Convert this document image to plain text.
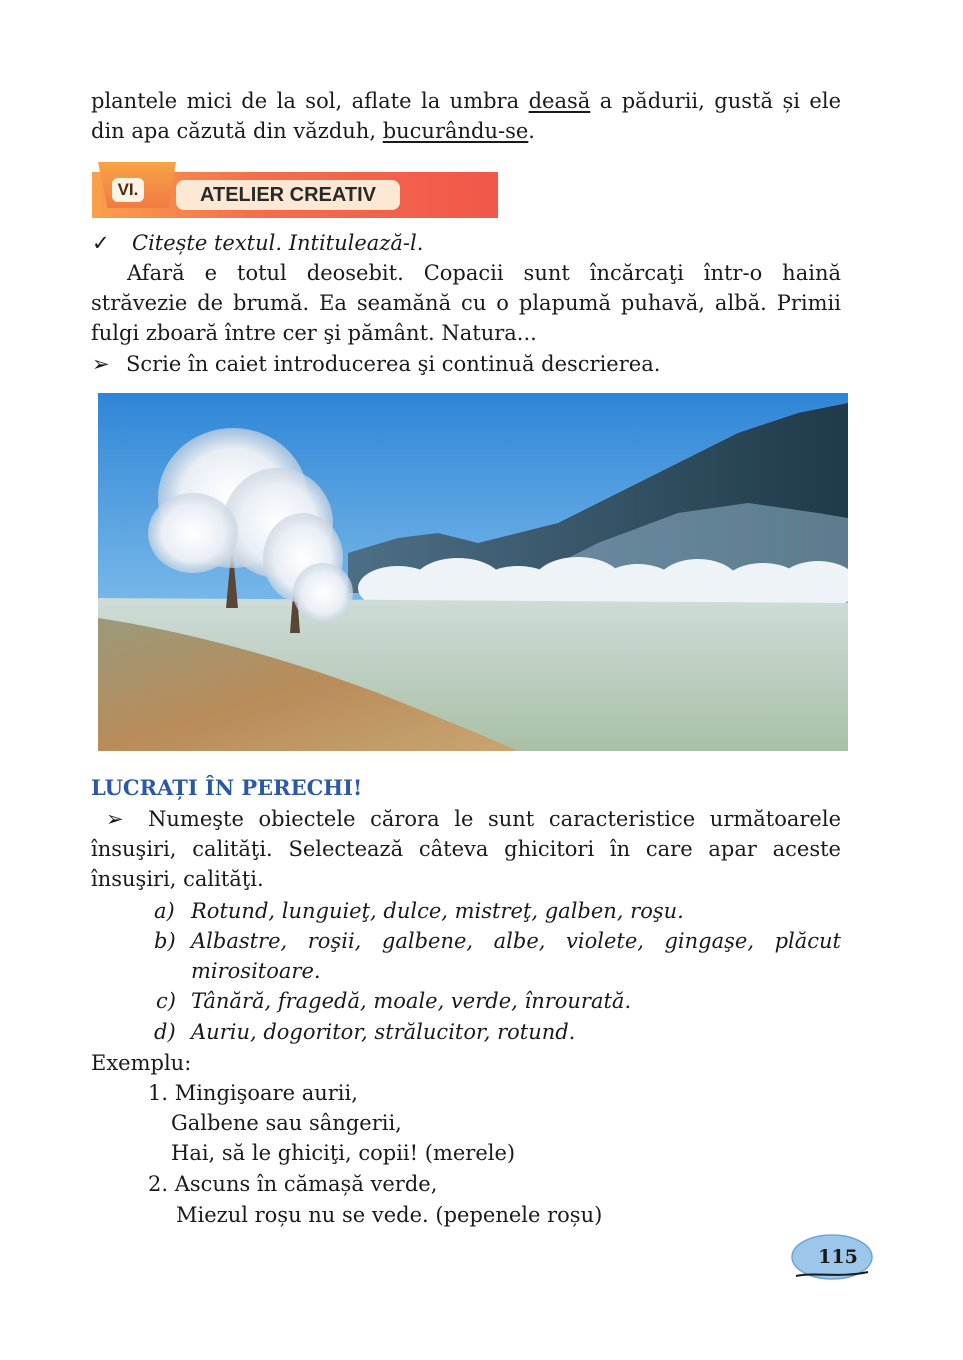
plantele mici de la sol, aflate la umbra deasă a pădurii, gustă și ele
din apa căzută din văzduh, bucurându-se.
VI.	ATELIER CREATIV
✓ Citește textul. Intitulează-l.
Afară e totul deosebit. Copacii sunt încărcaţi într-o haină
străvezie de brumă. Ea seamănă cu o plapumă puhavă, albă. Primii
fulgi zboară între cer şi pământ. Natura...
➢ Scrie în caiet introducerea şi continuă descrierea.
LUCRAȚI ÎN PERECHI!
➢ Numeşte obiectele cărora le sunt caracteristice următoarele
însuşiri, calităţi. Selectează câteva ghicitori în care apar aceste
însuşiri, calităţi.
a) Rotund, lunguieţ, dulce, mistreţ, galben, roşu.
b) Albastre, roşii, galbene, albe, violete, gingaşe, plăcut
mirositoare.
c) Tânără, fragedă, moale, verde, înrourată.
d) Auriu, dogoritor, strălucitor, rotund.
Exemplu:
1. Mingişoare aurii,
Galbene sau sângerii,
Hai, să le ghiciţi, copii! (merele)
2. Ascuns în cămașă verde,
Miezul roșu nu se vede. (pepenele roșu)
115
